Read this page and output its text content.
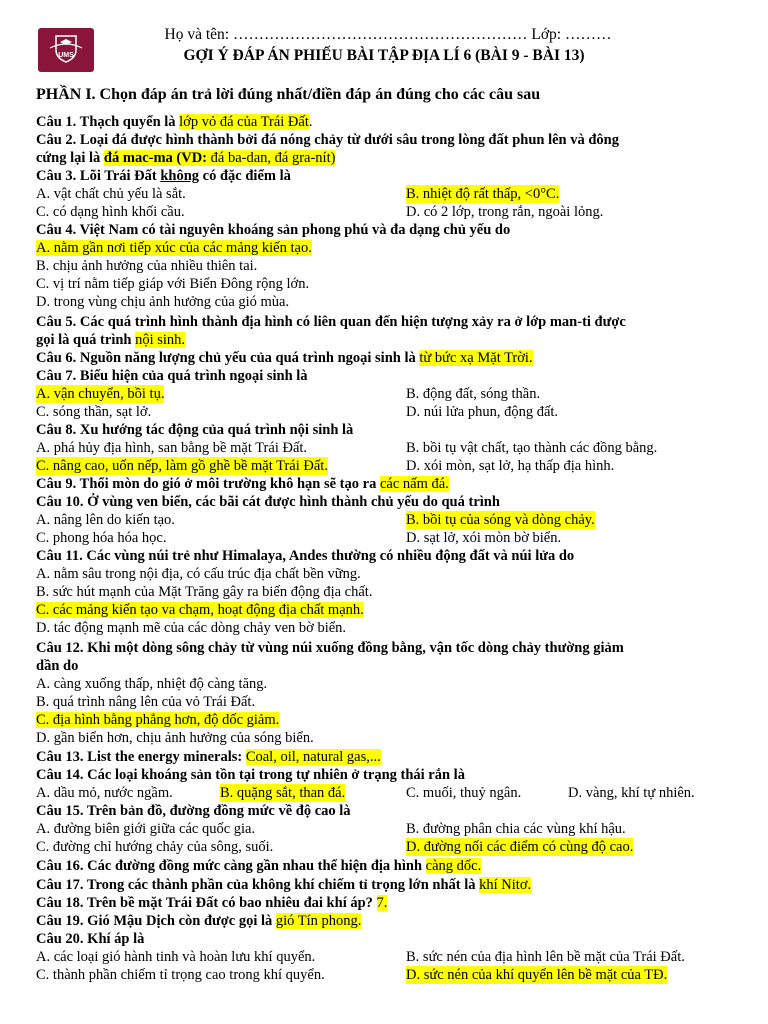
UMS
Họ và tên: ………………………………………………… Lớp: ………
GỢI Ý ĐÁP ÁN PHIẾU BÀI TẬP ĐỊA LÍ 6 (BÀI 9 - BÀI 13)
PHẦN I. Chọn đáp án trả lời đúng nhất/điền đáp án đúng cho các câu sau
Câu 1. Thạch quyển là lớp vỏ đá của Trái Đất.
Câu 2. Loại đá được hình thành bởi đá nóng chảy từ dưới sâu trong lòng đất phun lên và đông
cứng lại là đá mac-ma (VD: đá ba-dan, đá gra-nít)
Câu 3. Lõi Trái Đất không có đặc điểm là
A. vật chất chủ yếu là sắt.	B. nhiệt độ rất thấp, <0°C.
C. có dạng hình khối cầu.	D. có 2 lớp, trong rắn, ngoài lỏng.
Câu 4. Việt Nam có tài nguyên khoáng sản phong phú và đa dạng chủ yếu do
A. nằm gần nơi tiếp xúc của các mảng kiến tạo.
B. chịu ảnh hưởng của nhiều thiên tai.
C. vị trí nằm tiếp giáp với Biển Đông rộng lớn.
D. trong vùng chịu ảnh hưởng của gió mùa.
Câu 5. Các quá trình hình thành địa hình có liên quan đến hiện tượng xảy ra ở lớp man-ti được
gọi là quá trình nội sinh.
Câu 6. Nguồn năng lượng chủ yếu của quá trình ngoại sinh là từ bức xạ Mặt Trời.
Câu 7. Biểu hiện của quá trình ngoại sinh là
A. vận chuyển, bồi tụ.	B. động đất, sóng thần.
C. sóng thần, sạt lở.	D. núi lửa phun, động đất.
Câu 8. Xu hướng tác động của quá trình nội sinh là
A. phá hủy địa hình, san bằng bề mặt Trái Đất.	B. bồi tụ vật chất, tạo thành các đồng bằng.
C. nâng cao, uốn nếp, làm gồ ghề bề mặt Trái Đất.	D. xói mòn, sạt lở, hạ thấp địa hình.
Câu 9. Thổi mòn do gió ở môi trường khô hạn sẽ tạo ra các nấm đá.
Câu 10. Ở vùng ven biển, các bãi cát được hình thành chủ yếu do quá trình
A. nâng lên do kiến tạo.	B. bồi tụ của sóng và dòng chảy.
C. phong hóa hóa học.	D. sạt lở, xói mòn bờ biển.
Câu 11. Các vùng núi trẻ như Himalaya, Andes thường có nhiều động đất và núi lửa do
A. nằm sâu trong nội địa, có cấu trúc địa chất bền vững.
B. sức hút mạnh của Mặt Trăng gây ra biến động địa chất.
C. các mảng kiến tạo va chạm, hoạt động địa chất mạnh.
D. tác động mạnh mẽ của các dòng chảy ven bờ biển.
Câu 12. Khi một dòng sông chảy từ vùng núi xuống đồng bằng, vận tốc dòng chảy thường giảm
dần do
A. càng xuống thấp, nhiệt độ càng tăng.
B. quá trình nâng lên của vỏ Trái Đất.
C. địa hình bằng phẳng hơn, độ dốc giảm.
D. gần biển hơn, chịu ảnh hưởng của sóng biển.
Câu 13. List the energy minerals: Coal, oil, natural gas,...
Câu 14. Các loại khoáng sản tồn tại trong tự nhiên ở trạng thái rắn là
A. dầu mỏ, nước ngầm.	B. quặng sắt, than đá.	C. muối, thuỷ ngân.	D. vàng, khí tự nhiên.
Câu 15. Trên bản đồ, đường đồng mức về độ cao là
A. đường biên giới giữa các quốc gia.	B. đường phân chia các vùng khí hậu.
C. đường chỉ hướng chảy của sông, suối.	D. đường nối các điểm có cùng độ cao.
Câu 16. Các đường đồng mức càng gần nhau thể hiện địa hình càng dốc.
Câu 17. Trong các thành phần của không khí chiếm tỉ trọng lớn nhất là khí Nitơ.
Câu 18. Trên bề mặt Trái Đất có bao nhiêu đai khí áp? 7.
Câu 19. Gió Mậu Dịch còn được gọi là gió Tín phong.
Câu 20. Khí áp là
A. các loại gió hành tinh và hoàn lưu khí quyển.	B. sức nén của địa hình lên bề mặt của Trái Đất.
C. thành phần chiếm tỉ trọng cao trong khí quyển.	D. sức nén của khí quyển lên bề mặt của TĐ.
